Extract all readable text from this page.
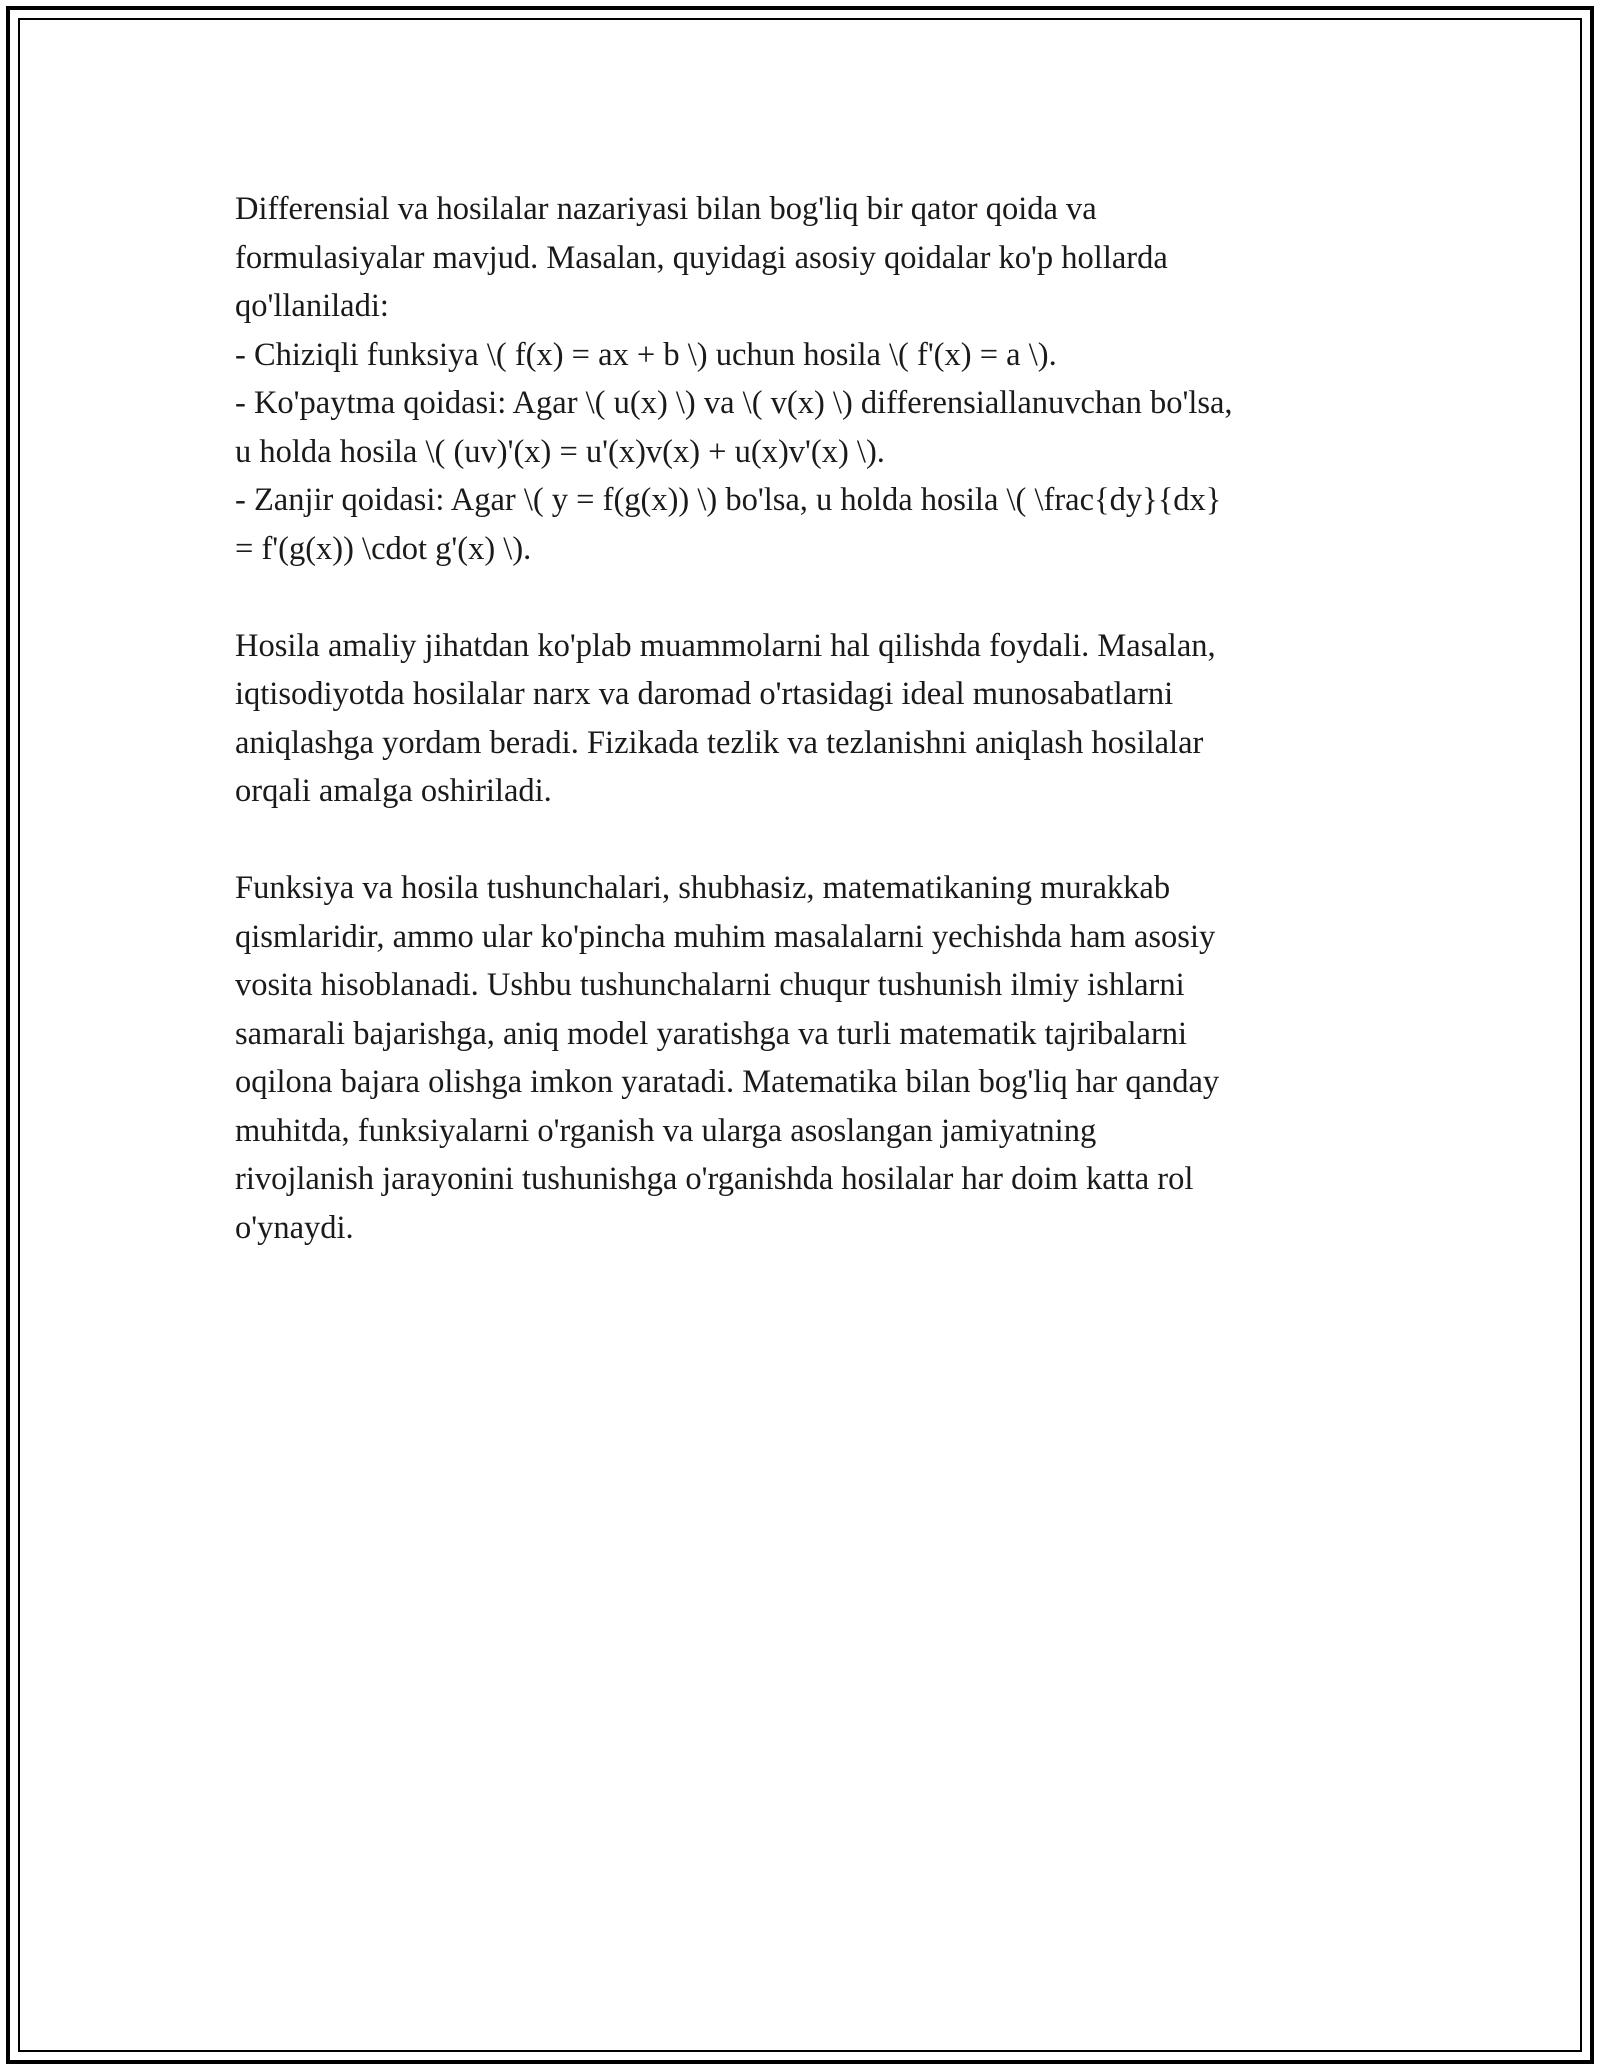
Differensial va hosilalar nazariyasi bilan bog'liq bir qator qoida va
formulasiyalar mavjud. Masalan, quyidagi asosiy qoidalar ko'p hollarda
qo'llaniladi:
- Chiziqli funksiya \( f(x) = ax + b \) uchun hosila \( f'(x) = a \).
- Ko'paytma qoidasi: Agar \( u(x) \) va \( v(x) \) differensiallanuvchan bo'lsa,
u holda hosila \( (uv)'(x) = u'(x)v(x) + u(x)v'(x) \).
- Zanjir qoidasi: Agar \( y = f(g(x)) \) bo'lsa, u holda hosila \( \frac{dy}{dx}
= f'(g(x)) \cdot g'(x) \).
Hosila amaliy jihatdan ko'plab muammolarni hal qilishda foydali. Masalan,
iqtisodiyotda hosilalar narx va daromad o'rtasidagi ideal munosabatlarni
aniqlashga yordam beradi. Fizikada tezlik va tezlanishni aniqlash hosilalar
orqali amalga oshiriladi.
Funksiya va hosila tushunchalari, shubhasiz, matematikaning murakkab
qismlaridir, ammo ular ko'pincha muhim masalalarni yechishda ham asosiy
vosita hisoblanadi. Ushbu tushunchalarni chuqur tushunish ilmiy ishlarni
samarali bajarishga, aniq model yaratishga va turli matematik tajribalarni
oqilona bajara olishga imkon yaratadi. Matematika bilan bog'liq har qanday
muhitda, funksiyalarni o'rganish va ularga asoslangan jamiyatning
rivojlanish jarayonini tushunishga o'rganishda hosilalar har doim katta rol
o'ynaydi.
